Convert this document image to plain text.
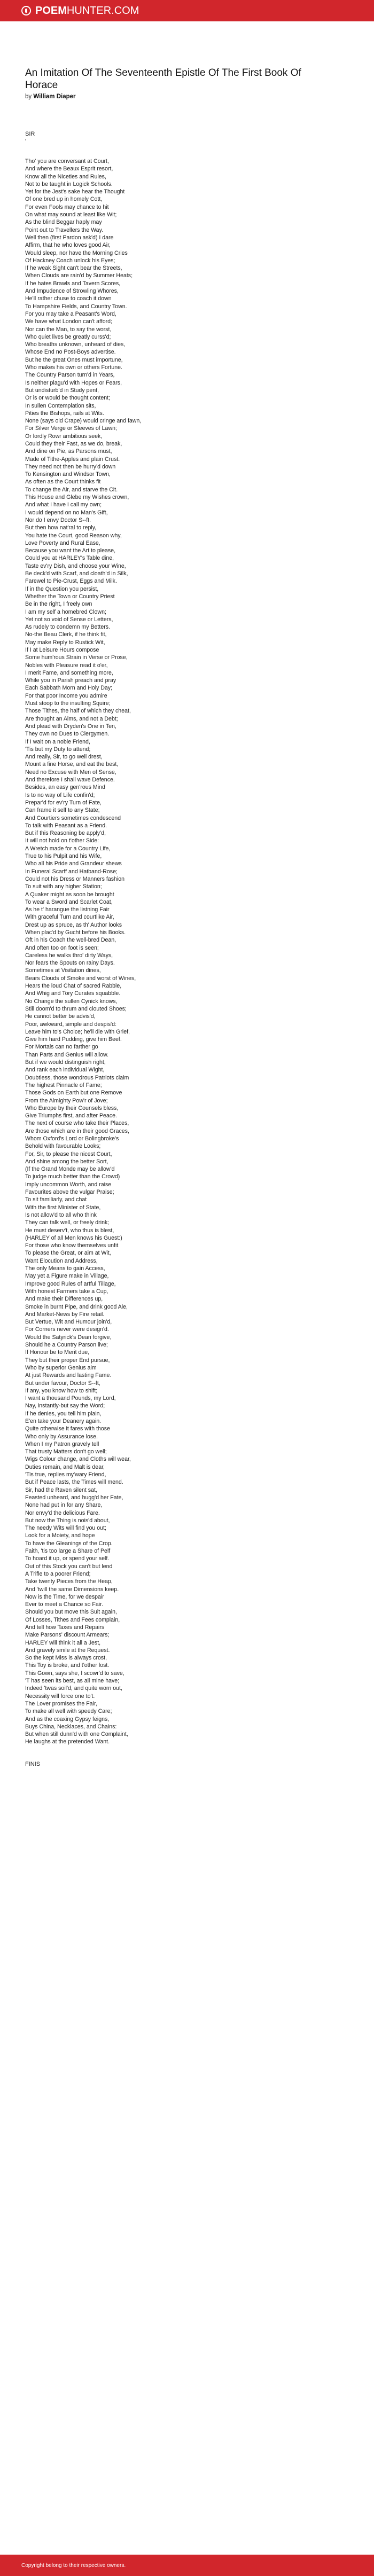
POEMHUNTER.COM
An Imitation Of The Seventeenth Epistle Of The First Book Of Horace
by William Diaper
SIR
'
Tho' you are conversant at Court,
And where the Beaux Esprit resort,
Know all the Niceties and Rules,
Not to be taught in Logick Schools.
Yet for the Jest's sake hear the Thought
Of one bred up in homely Cott,
For even Fools may chance to hit
On what may sound at least like Wit;
As the blind Beggar haply may
Point out to Travellers the Way.
Well then (first Pardon ask'd) I dare
Affirm, that he who loves good Air,
Would sleep, nor have the Morning Cries
Of Hackney Coach unlock his Eyes;
If he weak Sight can't bear the Streets,
When Clouds are rain'd by Summer Heats;
If he hates Brawls and Tavern Scores,
And Impudence of Strowling Whores,
He'll rather chuse to coach it down
To Hampshire Fields, and Country Town.
For you may take a Peasant's Word,
We have what London can't afford;
Nor can the Man, to say the worst,
Who quiet lives be greatly curss'd;
Who breaths unknown, unheard of dies,
Whose End no Post-Boys advertise.
But he the great Ones must importune,
Who makes his own or others Fortune.
The Country Parson turn'd in Years,
Is neither plagu'd with Hopes or Fears,
But undisturb'd in Study pent,
Or is or would be thought content;
In sullen Contemplation sits,
Pities the Bishops, rails at Wits.
None (says old Crape) would cringe and fawn,
For Silver Verge or Sleeves of Lawn;
Or lordly Rowr ambitious seek,
Could they their Fast, as we do, break,
And dine on Pie, as Parsons must,
Made of Tithe-Apples and plain Crust.
They need not then be hurry'd down
To Kensington and Windsor Town,
As often as the Court thinks fit
To change the Air, and starve the Cit.
This House and Glebe my Wishes crown,
And what I have I call my own;
I would depend on no Man's Gift,
Nor do I envy Doctor S--ft.
But then how nat'ral to reply,
You hate the Court, good Reason why,
Love Poverty and Rural Ease,
Because you want the Art to please,
Could you at HARLEY's Table dine,
Taste ev'ry Dish, and choose your Wine,
Be deck'd with Scarf, and cloath'd in Silk,
Farewel to Pie-Crust, Eggs and Milk.
If in the Question you persist,
Whether the Town or Country Priest
Be in the right, I freely own
I am my self a homebred Clown;
Yet not so void of Sense or Letters,
As rudely to condemn my Betters.
No-the Beau Clerk, if he think fit,
May make Reply to Rustick Wit,
If I at Leisure Hours compose
Some hum'rous Strain in Verse or Prose,
Nobles with Pleasure read it o'er,
I merit Fame, and something more,
While you in Parish preach and pray
Each Sabbath Morn and Holy Day;
For that poor Income you admire
Must stoop to the insulting Squire;
Those Tithes, the half of which they cheat,
Are thought an Alms, and not a Debt;
And plead with Dryden's One in Ten,
They own no Dues to Clergymen.
If I wait on a noble Friend,
'Tis but my Duty to attend;
And really, Sir, to go well drest,
Mount a fine Horse, and eat the best,
Need no Excuse with Men of Sense,
And therefore I shall wave Defence.
Besides, an easy gen'rous Mind
Is to no way of Life confin'd;
Prepar'd for ev'ry Turn of Fate,
Can frame it self to any State;
And Courtiers sometimes condescend
To talk with Peasant as a Friend.
But if this Reasoning be apply'd,
It will not hold on t'other Side:
A Wretch made for a Country Life,
True to his Pulpit and his Wife,
Who all his Pride and Grandeur shews
In Funeral Scarff and Hatband-Rose;
Could not his Dress or Manners fashion
To suit with any higher Station;
A Quaker might as soon be brought
To wear a Sword and Scarlet Coat,
As he t' harangue the listning Fair
With graceful Turn and courtlike Air,
Drest up as spruce, as th' Author looks
When plac'd by Gucht before his Books.
Oft in his Coach the well-bred Dean,
And often too on foot is seen;
Careless he walks thro' dirty Ways,
Nor fears the Spouts on rainy Days.
Sometimes at Visitation dines,
Bears Clouds of Smoke and worst of Wines,
Hears the loud Chat of sacred Rabble,
And Whig and Tory Curates squabble.
No Change the sullen Cynick knows,
Still doom'd to thrum and clouted Shoes;
He cannot better be advis'd,
Poor, awkward, simple and despis'd:
Leave him to's Choice; he'll die with Grief,
Give him hard Pudding, give him Beef.
For Mortals can no farther go
Than Parts and Genius will allow.
But if we would distinguish right,
And rank each individual Wight,
Doubtless, those wondrous Patriots claim
The highest Pinnacle of Fame;
Those Gods on Earth but one Remove
From the Almighty Pow'r of Jove;
Who Europe by their Counsels bless,
Give Triumphs first, and after Peace.
The next of course who take their Places,
Are those which are in their good Graces,
Whom Oxford's Lord or Bolingbroke's
Behold with favourable Looks;
For, Sir, to please the nicest Court,
And shine among the better Sort,
(If the Grand Monde may be allow'd
To judge much better than the Crowd)
Imply uncommon Worth, and raise
Favourites above the vulgar Praise;
To sit familiarly, and chat
With the first Minister of State,
Is not allow'd to all who think
They can talk well, or freely drink;
He must deserv't, who thus is blest,
(HARLEY of all Men knows his Guest:)
For those who know themselves unfit
To please the Great, or aim at Wit,
Want Elocution and Address,
The only Means to gain Access,
May yet a Figure make in Village,
Improve good Rules of artful Tillage,
With honest Farmers take a Cup,
And make their Differences up,
Smoke in burnt Pipe, and drink good Ale,
And Market-News by Fire retail.
But Vertue, Wit and Humour join'd,
For Corners never were design'd.
Would the Satyrick's Dean forgive,
Should he a Country Parson live;
If Honour be to Merit due,
They but their proper End pursue,
Who by superior Genius aim
At just Rewards and lasting Fame.
But under favour, Doctor S--ft,
If any, you know how to shift;
I want a thousand Pounds, my Lord,
Nay, instantly-but say the Word;
If he denies, you tell him plain,
E'en take your Deanery again.
Quite otherwise it fares with those
Who only by Assurance lose.
When I my Patron gravely tell
That trusty Matters don't go well;
Wigs Colour change, and Cloths will wear,
Duties remain, and Malt is dear,
'Tis true, replies my'wary Friend,
But if Peace lasts, the Times will mend.
Sir, had the Raven silent sat,
Feasted unheard, and hugg'd her Fate,
None had put in for any Share,
Nor envy'd the delicious Fare.
But now the Thing is nois'd about,
The needy Wits will find you out;
Look for a Moiety, and hope
To have the Gleanings of the Crop.
Faith, 'tis too large a Share of Pelf
To hoard it up, or spend your self.
Out of this Stock you can't but lend
A Trifle to a poorer Friend;
Take twenty Pieces from the Heap,
And 'twill the same Dimensions keep.
Now is the Time, for we despair
Ever to meet a Chance so Fair.
Should you but move this Suit again,
Of Losses, Tithes and Fees complain,
And tell how Taxes and Repairs
Make Parsons' discount Armears;
HARLEY will think it all a Jest,
And gravely smile at the Request.
So the kept Miss is always crost,
This Toy is broke, and t'other lost.
This Gown, says she, I scowr'd to save,
'T has seen its best, as all mine have;
Indeed 'twas soil'd, and quite worn out,
Necessity will force one to't.
The Lover promises the Fair,
To make all well with speedy Care;
And as the coaxing Gypsy feigns,
Buys China, Necklaces, and Chains:
But when still dunn'd with one Complaint,
He laughs at the pretended Want.
FINIS
Copyright belong to their respective owners.
